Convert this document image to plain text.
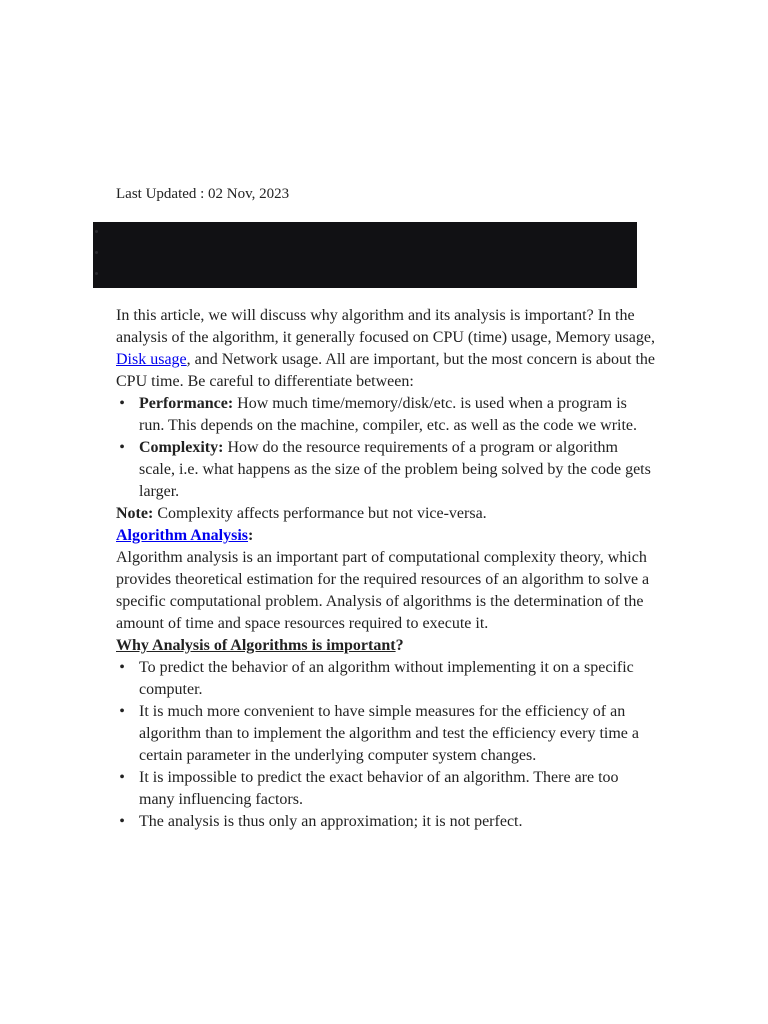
Last Updated : 02 Nov, 2023

In this article, we will discuss why algorithm and its analysis is important? In the analysis of the algorithm, it generally focused on CPU (time) usage, Memory usage, Disk usage, and Network usage. All are important, but the most concern is about the CPU time. Be careful to differentiate between:

• Performance: How much time/memory/disk/etc. is used when a program is run. This depends on the machine, compiler, etc. as well as the code we write.
• Complexity: How do the resource requirements of a program or algorithm scale, i.e. what happens as the size of the problem being solved by the code gets larger.

Note: Complexity affects performance but not vice-versa.

Algorithm Analysis:

Algorithm analysis is an important part of computational complexity theory, which provides theoretical estimation for the required resources of an algorithm to solve a specific computational problem. Analysis of algorithms is the determination of the amount of time and space resources required to execute it.

Why Analysis of Algorithms is important?

• To predict the behavior of an algorithm without implementing it on a specific computer.
• It is much more convenient to have simple measures for the efficiency of an algorithm than to implement the algorithm and test the efficiency every time a certain parameter in the underlying computer system changes.
• It is impossible to predict the exact behavior of an algorithm. There are too many influencing factors.
• The analysis is thus only an approximation; it is not perfect.
